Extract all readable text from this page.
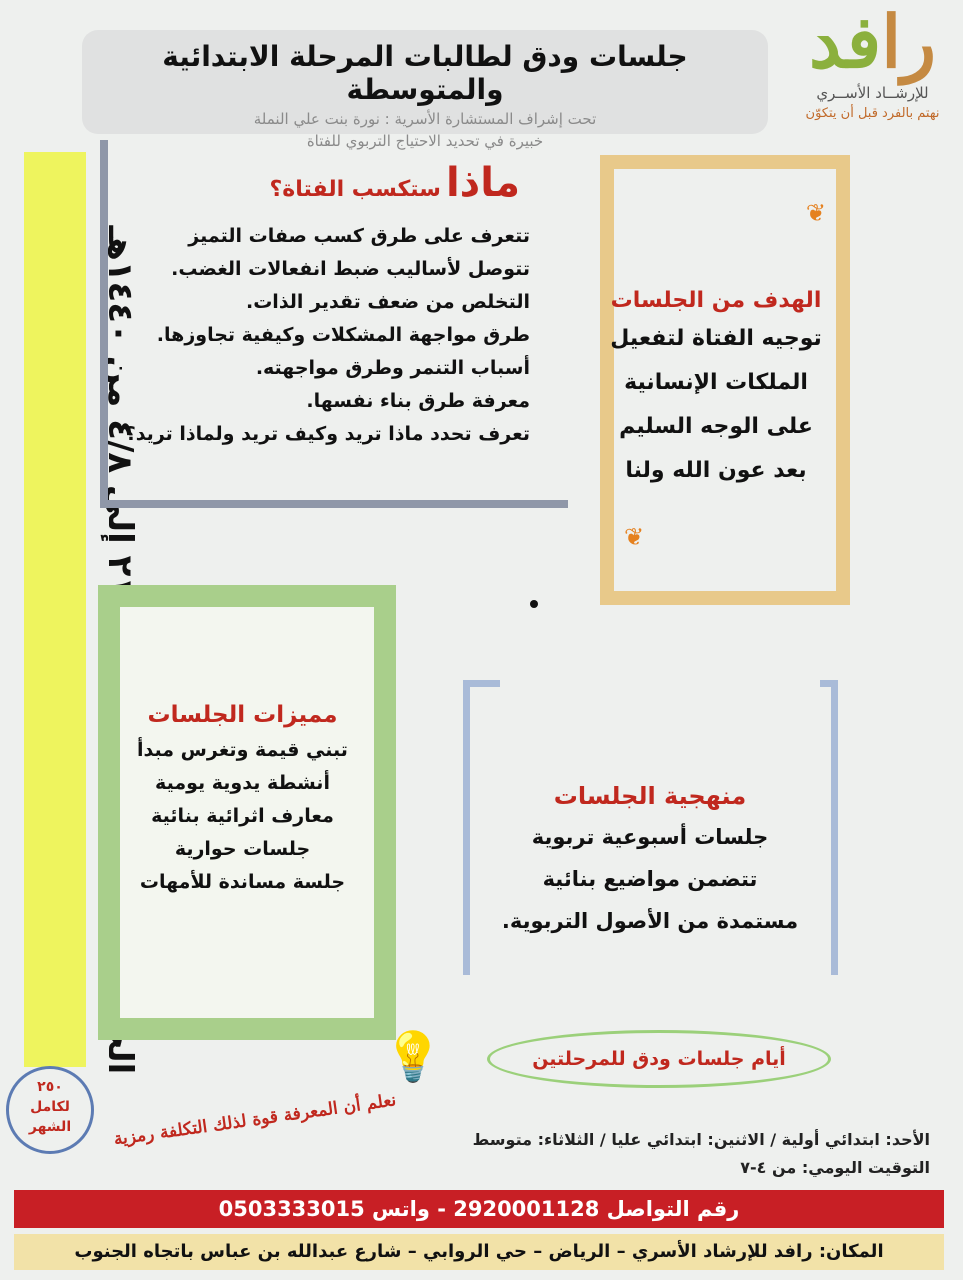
جلسات ودق لطالبات المرحلة الابتدائية والمتوسطة
تحت إشراف المستشارة الأسرية : نورة بنت علي النملة
خبيرة في تحديد الاحتياج التربوي للفتاة
رافد
للإرشــاد الأســري
نهتم بالفرد قبل أن يتكوّن
إلى ٤/٨ من ١٤٤٠هـ
ماذا ستكسب الفتاة؟
تتعرف على طرق كسب صفات التميز
تتوصل لأساليب ضبط انفعالات الغضب.
التخلص من ضعف تقدير الذات.
طرق مواجهة المشكلات وكيفية تجاوزها.
أسباب التنمر وطرق مواجهته.
معرفة طرق بناء نفسها.
تعرف تحدد ماذا تريد وكيف تريد ولماذا تريد؟
❦
❦
الهدف من الجلسات
توجيه الفتاة لتفعيل
الملكات الإنسانية
على الوجه السليم
بعد عون الله ولنا
مميزات الجلسات
تبني قيمة وتغرس مبدأ
أنشطة يدوية يومية
معارف اثرائية بنائية
جلسات حوارية
جلسة مساندة للأمهات
منهجية الجلسات
جلسات أسبوعية تربوية
تتضمن مواضيع بنائية
مستمدة من الأصول التربوية.
أيام جلسات ودق للمرحلتين
💡
٢٥٠
لكامل
الشهر	نعلم أن المعرفة قوة لذلك التكلفة رمزية	الأحد: ابتدائي أولية / الاثنين: ابتدائي عليا / الثلاثاء: متوسط
التوقيت اليومي: من ٤-٧
رقم التواصل 2920001128 - واتس 0503333015
المكان: رافد للإرشاد الأسري – الرياض – حي الروابي – شارع عبدالله بن عباس باتجاه الجنوب
